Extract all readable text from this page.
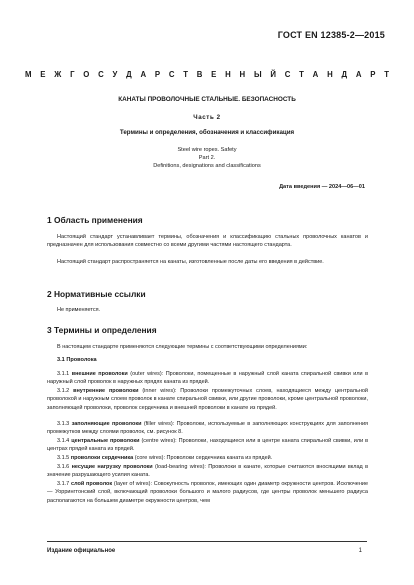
ГОСТ EN 12385-2—2015

М Е Ж Г О С У Д А Р С Т В Е Н Н Ы Й С Т А Н Д А Р Т

КАНАТЫ ПРОВОЛОЧНЫЕ СТАЛЬНЫЕ. БЕЗОПАСНОСТЬ

Часть 2

Термины и определения, обозначения и классификация

Steel wire ropes. Safety

Part 2.

Definitions, designations and classifications

Дата введения — 2024—06—01

1 Область применения

Настоящий стандарт устанавливает термины, обозначения и классификацию стальных проволочных канатов и предназначен для использования совместно со всеми другими частями настоящего стандарта.

Настоящий стандарт распространяется на канаты, изготовленные после даты его введения в действие.

2 Нормативные ссылки

Не применяется.

3 Термины и определения

В настоящем стандарте применяются следующие термины с соответствующими определениями:

3.1 Проволока

3.1.1 внешние проволоки (outer wires): Проволоки, помещенные в наружный слой каната спиральной свивки или в наружный слой проволок в наружных прядях каната из прядей.

3.1.2 внутренние проволоки (inner wires): Проволоки промежуточных слоев, находящиеся между центральной проволокой и наружным слоем проволок в канате спиральной свивки, или другие проволоки, кроме центральной проволоки, заполняющей проволоки, проволок сердечника и внешней проволоки в канате из прядей.

3.1.3 заполняющие проволоки (filler wires): Проволоки, используемые в заполняющих конструкциях для заполнения промежутков между слоями проволок, см. рисунок 8.

3.1.4 центральные проволоки (centre wires): Проволоки, находящиеся или в центре каната спиральной свивки, или в центрах прядей каната из прядей.

3.1.5 проволоки сердечника (core wires): Проволоки сердечника каната из прядей.

3.1.6 несущие нагрузку проволоки (load-bearing wires): Проволоки в канате, которые считаются вносящими вклад в значение разрушающего усилия каната.

3.1.7 слой проволок (layer of wires): Совокупность проволок, имеющих один диаметр окружности центров. Исключение — Уоррингтонский слой, включающий проволоки большого и малого радиусов, где центры проволок меньшего радиуса располагаются на большем диаметре окружности центров, чем

Издание официальное	1
